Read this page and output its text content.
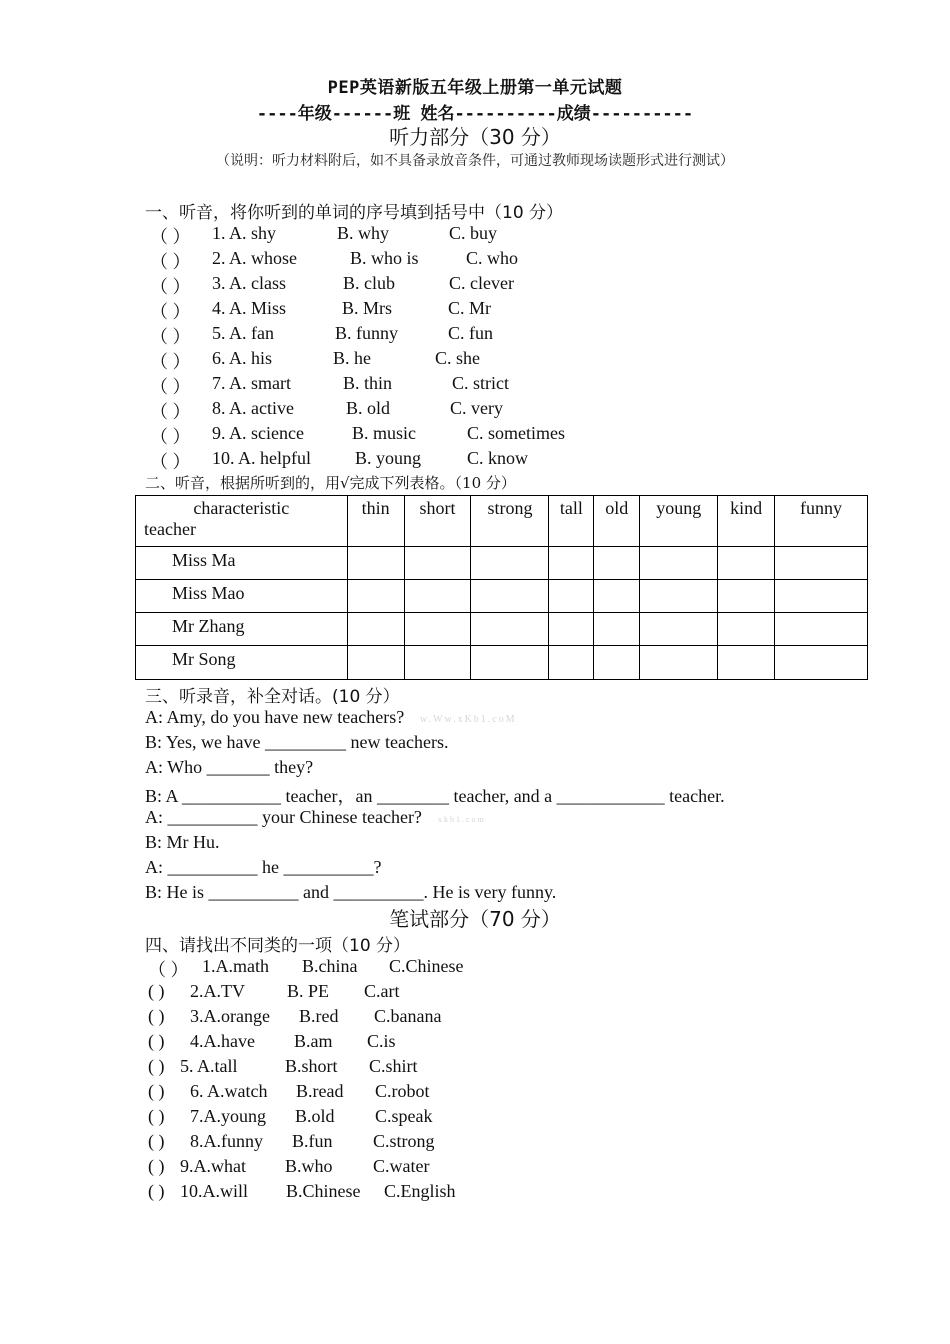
PEP英语新版五年级上册第一单元试题
----年级------班 姓名----------成绩----------
听力部分（30 分）
（说明：听力材料附后，如不具备录放音条件，可通过教师现场读题形式进行测试）
一、听音，将你听到的单词的序号填到括号中（10 分）
（ ） 1. A. shy	B. why	C. buy
（ ） 2. A. whose	B. who is	C. who
（ ） 3. A. class	B. club	C. clever
（ ） 4. A. Miss	B. Mrs	C. Mr
（ ） 5. A. fan	B. funny	C. fun
（ ） 6. A. his	B. he	C. she
（ ） 7. A. smart	B. thin	C. strict
（ ） 8. A. active	B. old	C. very
（ ） 9. A. science	B. music	C. sometimes
（ ） 10. A. helpful B. young	C. know
二、听音，根据所听到的，用√完成下列表格。（10 分）
characteristic
teacher	thin	short	strong	tall	old	young	kind	funny
Miss Ma								
Miss Mao								
Mr Zhang								
Mr Song								
三、听录音，补全对话。(10 分）
A: Amy, do you have new teachers?
B: Yes, we have _________ new teachers.
A: Who _______ they?
B: A ___________ teacher，an ________ teacher, and a ____________ teacher.
A: __________ your Chinese teacher?
B: Mr Hu.
A: __________ he __________?
B: He is __________ and __________. He is very funny.
w.Ww.xKb1.coM
xkb1.com
笔试部分（70 分）
四、请找出不同类的一项（10 分）
（ ） 1.A.math B.china C.Chinese
( ) 2.A.TV B. PE C.art
( ) 3.A.orange B.red C.banana
( ) 4.A.have B.am C.is
( ) 5. A.tall	B.short C.shirt
( ) 6. A.watch B.read C.robot
( ) 7.A.young B.old C.speak
( ) 8.A.funny B.fun C.strong
( ) 9.A.what B.who C.water
( ) 10.A.will B.Chinese C.English
